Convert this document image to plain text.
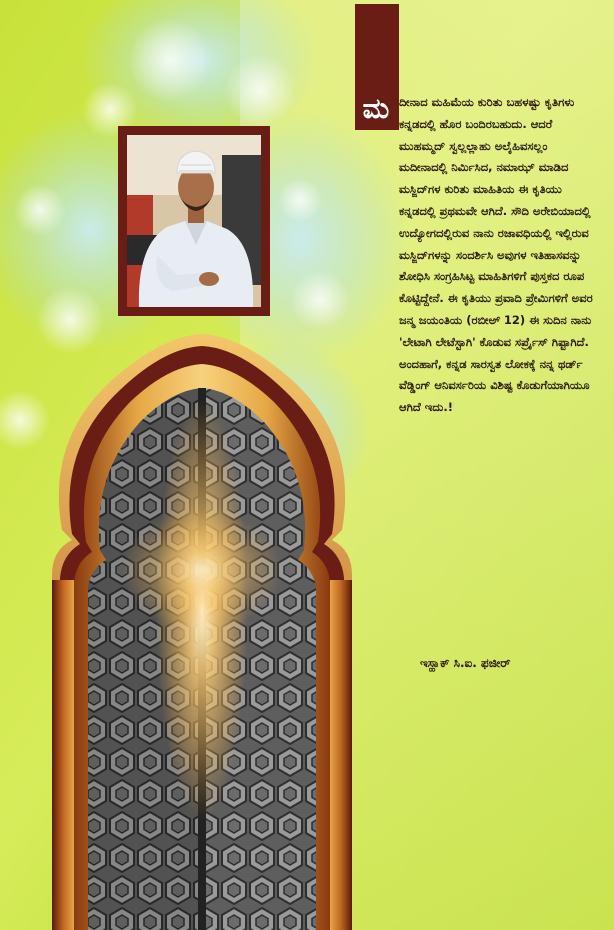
ಮ ದೀನಾದ ಮಹಿಮೆಯ ಕುರಿತು ಬಹಳಷ್ಟು ಕೃತಿಗಳು ಕನ್ನಡದಲ್ಲಿ ಹೊರ ಬಂದಿರಬಹುದು. ಆದರೆ ಮುಹಮ್ಮದ್ ಸ್ವಲ್ಲಲ್ಲಾಹು ಅಲೈಹಿವಸಲ್ಲಂ ಮದೀನಾದಲ್ಲಿ ನಿರ್ಮಿಸಿದ, ನಮಾಝ್ ಮಾಡಿದ ಮಸ್ಜಿದ್‌ಗಳ ಕುರಿತು ಮಾಹಿತಿಯ ಈ ಕೃತಿಯು ಕನ್ನಡದಲ್ಲಿ ಪ್ರಥಮವೇ ಆಗಿದೆ. ಸೌದಿ ಅರೇಬಿಯಾದಲ್ಲಿ ಉದ್ಯೋಗದಲ್ಲಿರುವ ನಾನು ರಜಾವಧಿಯಲ್ಲಿ ಇಲ್ಲಿರುವ ಮಸ್ಜಿದ್‌ಗಳನ್ನು ಸಂದರ್ಶಿಸಿ ಅವುಗಳ ಇತಿಹಾಸವನ್ನು ಶೋಧಿಸಿ ಸಂಗ್ರಹಿಸಿಟ್ಟ ಮಾಹಿತಿಗಳಿಗೆ ಪುಸ್ತಕದ ರೂಪ ಕೊಟ್ಟಿದ್ದೇನೆ. ಈ ಕೃತಿಯು ಪ್ರವಾದಿ ಪ್ರೇಮಿಗಳಿಗೆ ಅವರ ಜನ್ಮ ಜಯಂತಿಯ (ರಬೀಅ್ 12) ಈ ಸುದಿನ ನಾನು 'ಲೇಟಾಗಿ ಲೇಟೆಸ್ಟಾಗಿ' ಕೊಡುವ ಸರ್ಪ್ರೈಸ್ ಗಿಫ್ಟಾಗಿದೆ. ಅಂದಹಾಗೆ, ಕನ್ನಡ ಸಾರಸ್ವತ ಲೋಕಕ್ಕೆ ನನ್ನ ಥರ್ಡ್ ವೆಡ್ಡಿಂಗ್ ಆನಿವರ್ಸರಿಯ ವಿಶಿಷ್ಟ ಕೊಡುಗೆಯಾಗಿಯೂ ಆಗಿದೆ ಇದು.!

ಇಸ್ಹಾಕ್ ಸಿ.ಐ. ಫಜೀರ್
